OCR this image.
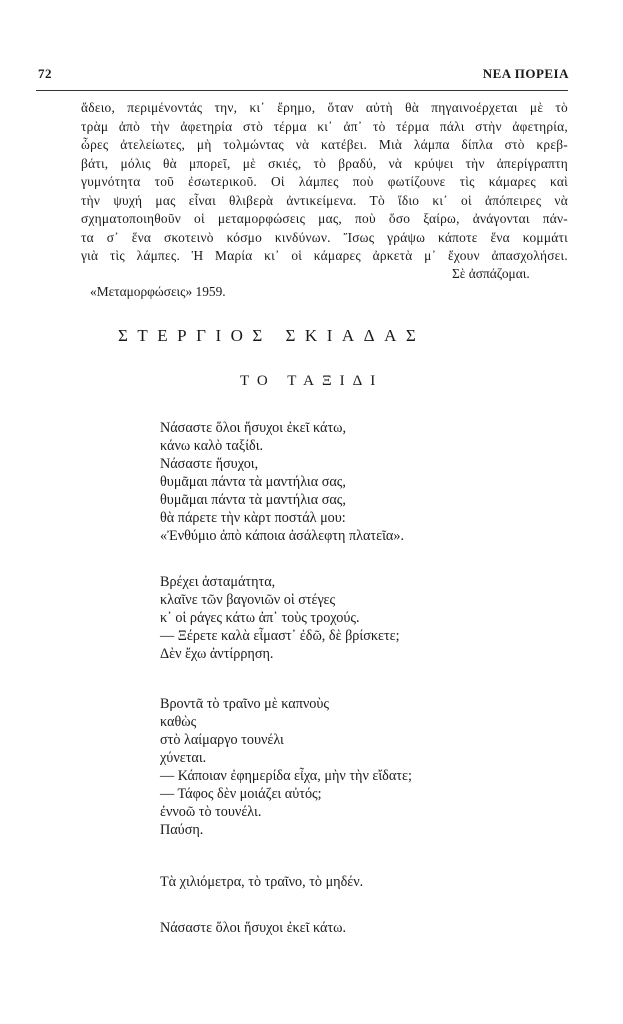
72	ΝΕΑ ΠΟΡΕΙΑ
ἄδειο, περιμένοντάς την, κι᾿ ἔρημο, ὅταν αὐτὴ θὰ πηγαινοέρχεται μὲ τὸ
τρὰμ ἀπὸ τὴν ἀφετηρία στὸ τέρμα κι᾿ ἀπ᾿ τὸ τέρμα πάλι στὴν ἀφετηρία,
ὧρες ἀτελείωτες, μὴ τολμώντας νὰ κατέβει. Μιὰ λάμπα δίπλα στὸ κρεβ-
βάτι, μόλις θὰ μπορεῖ, μὲ σκιές, τὸ βραδύ, νὰ κρύψει τὴν ἀπερίγραπτη
γυμνότητα τοῦ ἐσωτερικοῦ. Οἱ λάμπες ποὺ φωτίζουνε τὶς κάμαρες καὶ
τὴν ψυχή μας εἶναι θλιβερὰ ἀντικείμενα. Τὸ ἴδιο κι᾿ οἱ ἀπόπειρες νὰ
σχηματοποιηθοῦν οἱ μεταμορφώσεις μας, ποὺ ὅσο ξαίρω, ἀνάγονται πάν-
τα σ᾿ ἕνα σκοτεινὸ κόσμο κινδύνων. Ἴσως γράψω κάποτε ἕνα κομμάτι
γιὰ τὶς λάμπες. Ἡ Μαρία κι᾿ οἱ κάμαρες ἀρκετὰ μ᾿ ἔχουν ἀπασχολήσει.
Σὲ ἀσπάζομαι.
«Μεταμορφώσεις» 1959.
ΣΤΕΡΓΙΟΣ ΣΚΙΑΔΑΣ
ΤΟ ΤΑΞΙΔΙ
Νάσαστε ὅλοι ἥσυχοι ἐκεῖ κάτω,
κάνω καλὸ ταξίδι.
Νάσαστε ἥσυχοι,
θυμᾶμαι πάντα τὰ μαντήλια σας,
θυμᾶμαι πάντα τὰ μαντήλια σας,
θὰ πάρετε τὴν κὰρτ ποστάλ μου:
«Ἐνθύμιο ἀπὸ κάποια ἀσάλεφτη πλατεῖα».
Βρέχει ἀσταμάτητα,
κλαῖνε τῶν βαγονιῶν οἱ στέγες
κ᾿ οἱ ράγες κάτω ἀπ᾿ τοὺς τροχούς.
— Ξέρετε καλὰ εἶμαστ᾿ ἐδῶ, δὲ βρίσκετε;
Δὲν ἔχω ἀντίρρηση.
Βροντᾶ τὸ τραῖνο μὲ καπνοὺς
καθὼς
στὸ λαίμαργο τουνέλι
χύνεται.
— Κάποιαν ἐφημερίδα εἶχα, μὴν τὴν εἴδατε;
— Τάφος δὲν μοιάζει αὐτός;
ἐννοῶ τὸ τουνέλι.
Παύση.
Τὰ χιλιόμετρα, τὸ τραῖνο, τὸ μηδέν.
Νάσαστε ὅλοι ἥσυχοι ἐκεῖ κάτω.
